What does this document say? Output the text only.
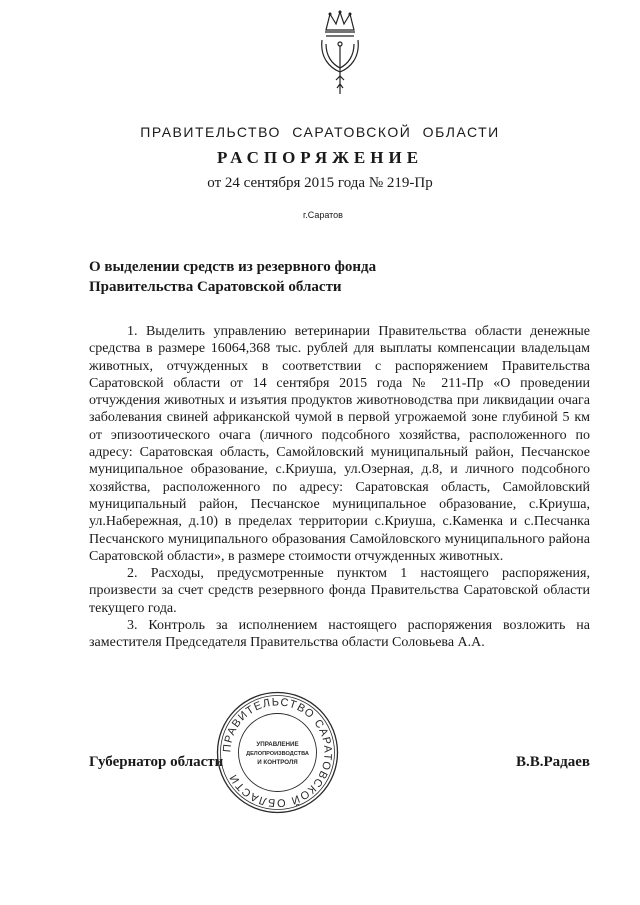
ПРАВИТЕЛЬСТВО САРАТОВСКОЙ ОБЛАСТИ
РАСПОРЯЖЕНИЕ
от 24 сентября 2015 года № 219-Пр
г.Саратов
О выделении средств из резервного фонда
Правительства Саратовской области

1. Выделить управлению ветеринарии Правительства области денежные средства в размере 16064,368 тыс. рублей для выплаты компенсации владельцам животных, отчужденных в соответствии с распоряжением Правительства Саратовской области от 14 сентября 2015 года № 211-Пр «О проведении отчуждения животных и изъятия продуктов животноводства при ликвидации очага заболевания свиней африканской чумой в первой угрожаемой зоне глубиной 5 км от эпизоотического очага (личного подсобного хозяйства, расположенного по адресу: Саратовская область, Самойловский муниципальный район, Песчанское муниципальное образование, с.Криуша, ул.Озерная, д.8, и личного подсобного хозяйства, расположенного по адресу: Саратовская область, Самойловский муниципальный район, Песчанское муниципальное образование, с.Криуша, ул.Набережная, д.10) в пределах территории с.Криуша, с.Каменка и с.Песчанка Песчанского муниципального образования Самойловского муниципального района Саратовской области», в размере стоимости отчужденных животных.

2. Расходы, предусмотренные пунктом 1 настоящего распоряжения, произвести за счет средств резервного фонда Правительства Саратовской области текущего года.

3. Контроль за исполнением настоящего распоряжения возложить на заместителя Председателя Правительства области Соловьева А.А.

Губернатор области	В.В.Радаев
ПРАВИТЕЛЬСТВО САРАТОВСКОЙ ОБЛАСТИ
УПРАВЛЕНИЕ
ДЕЛОПРОИЗВОДСТВА
И КОНТРОЛЯ
